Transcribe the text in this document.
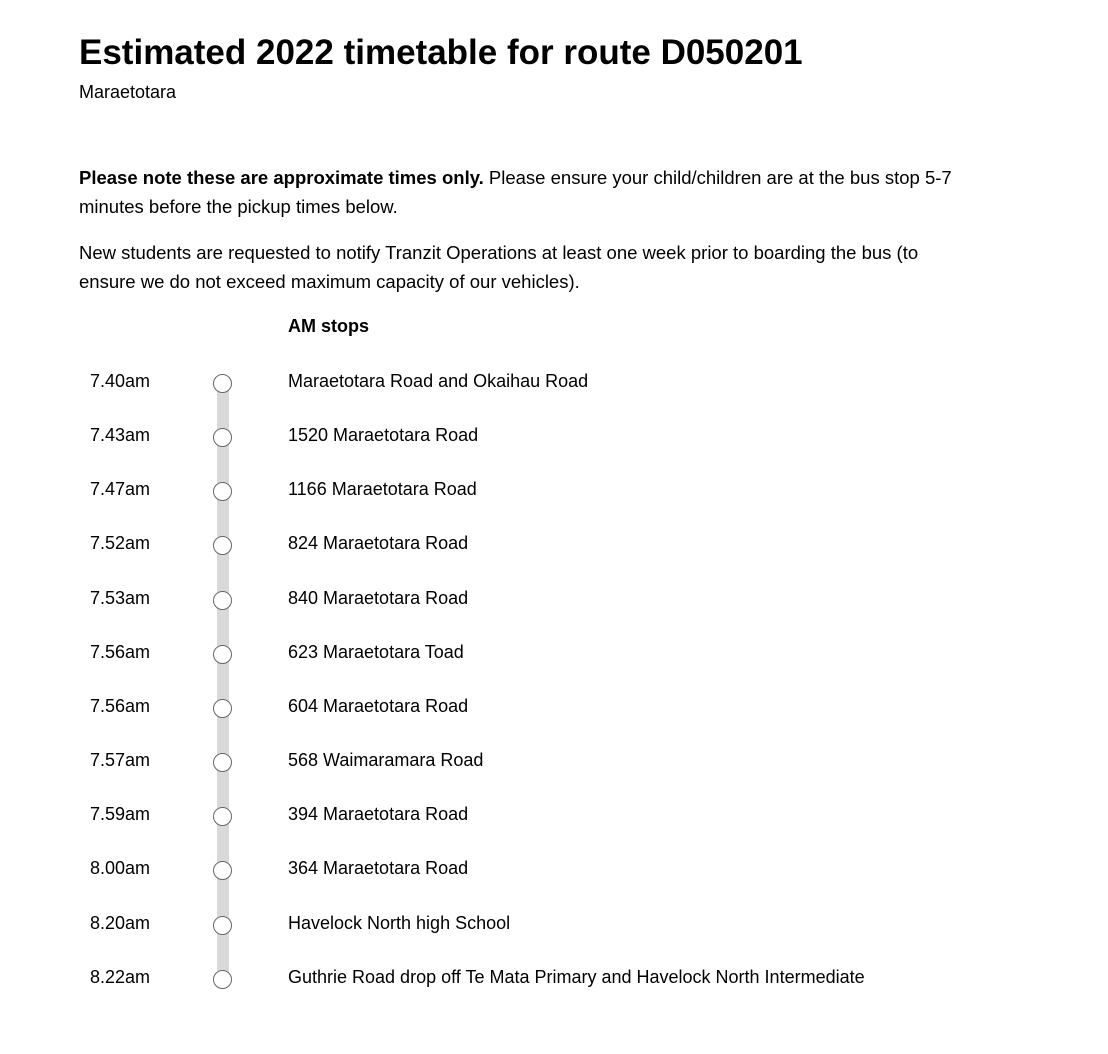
Estimated 2022 timetable for route D050201
Maraetotara

Please note these are approximate times only. Please ensure your child/children are at the bus stop 5-7 minutes before the pickup times below.

New students are requested to notify Tranzit Operations at least one week prior to boarding the bus (to ensure we do not exceed maximum capacity of our vehicles).

AM stops
7.40am	Maraetotara Road and Okaihau Road
7.43am	1520 Maraetotara Road
7.47am	1166 Maraetotara Road
7.52am	824 Maraetotara Road
7.53am	840 Maraetotara Road
7.56am	623 Maraetotara Toad
7.56am	604 Maraetotara Road
7.57am	568 Waimaramara Road
7.59am	394 Maraetotara Road
8.00am	364 Maraetotara Road
8.20am	Havelock North high School
8.22am	Guthrie Road drop off Te Mata Primary and Havelock North Intermediate
